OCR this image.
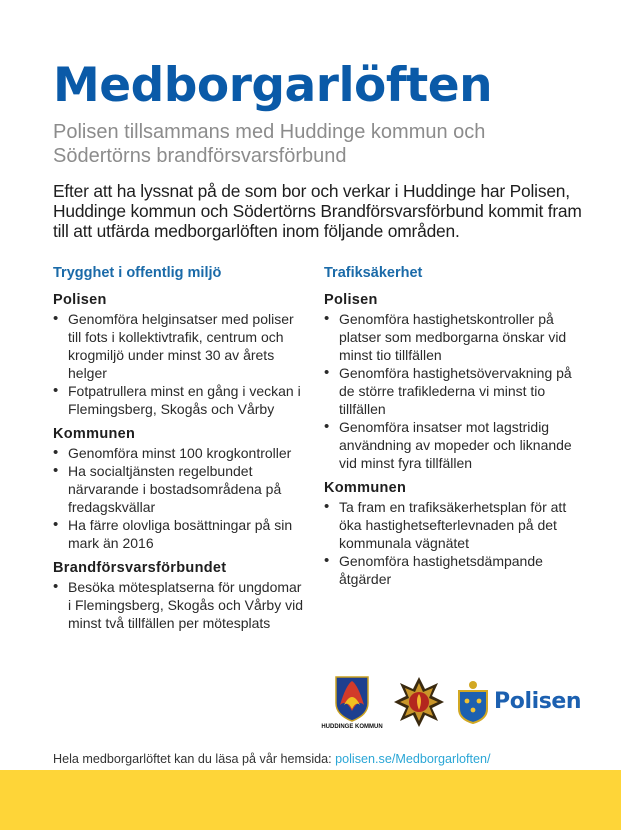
Medborgarlöften
Polisen tillsammans med Huddinge kommun och Södertörns brandförsvarsförbund
Efter att ha lyssnat på de som bor och verkar i Huddinge har Polisen, Huddinge kommun och Södertörns Brandförsvarsförbund kommit fram till att utfärda medborgarlöften inom följande områden.
Trygghet i offentlig miljö
Polisen
• Genomföra helginsatser med poliser till fots i kollektivtrafik, centrum och krogmiljö under minst 30 av årets helger
• Fotpatrullera minst en gång i veckan i Flemingsberg, Skogås och Vårby
Kommunen
• Genomföra minst 100 krogkontroller
• Ha socialtjänsten regelbundet närvarande i bostadsområdena på fredagskvällar
• Ha färre olovliga bosättningar på sin mark än 2016
Brandförsvarsförbundet
• Besöka mötesplatserna för ungdomar i Flemingsberg, Skogås och Vårby vid minst två tillfällen per mötesplats
Trafiksäkerhet
Polisen
• Genomföra hastighetskontroller på platser som medborgarna önskar vid minst tio tillfällen
• Genomföra hastighetsövervakning på de större trafiklederna vi minst tio tillfällen
• Genomföra insatser mot lagstridig användning av mopeder och liknande vid minst fyra tillfällen
Kommunen
• Ta fram en trafiksäkerhetsplan för att öka hastighetsefterlevnaden på det kommunala vägnätet
• Genomföra hastighetsdämpande åtgärder
HUDDINGE KOMMUN
Polisen
Hela medborgarlöftet kan du läsa på vår hemsida: polisen.se/Medborgarloften/
